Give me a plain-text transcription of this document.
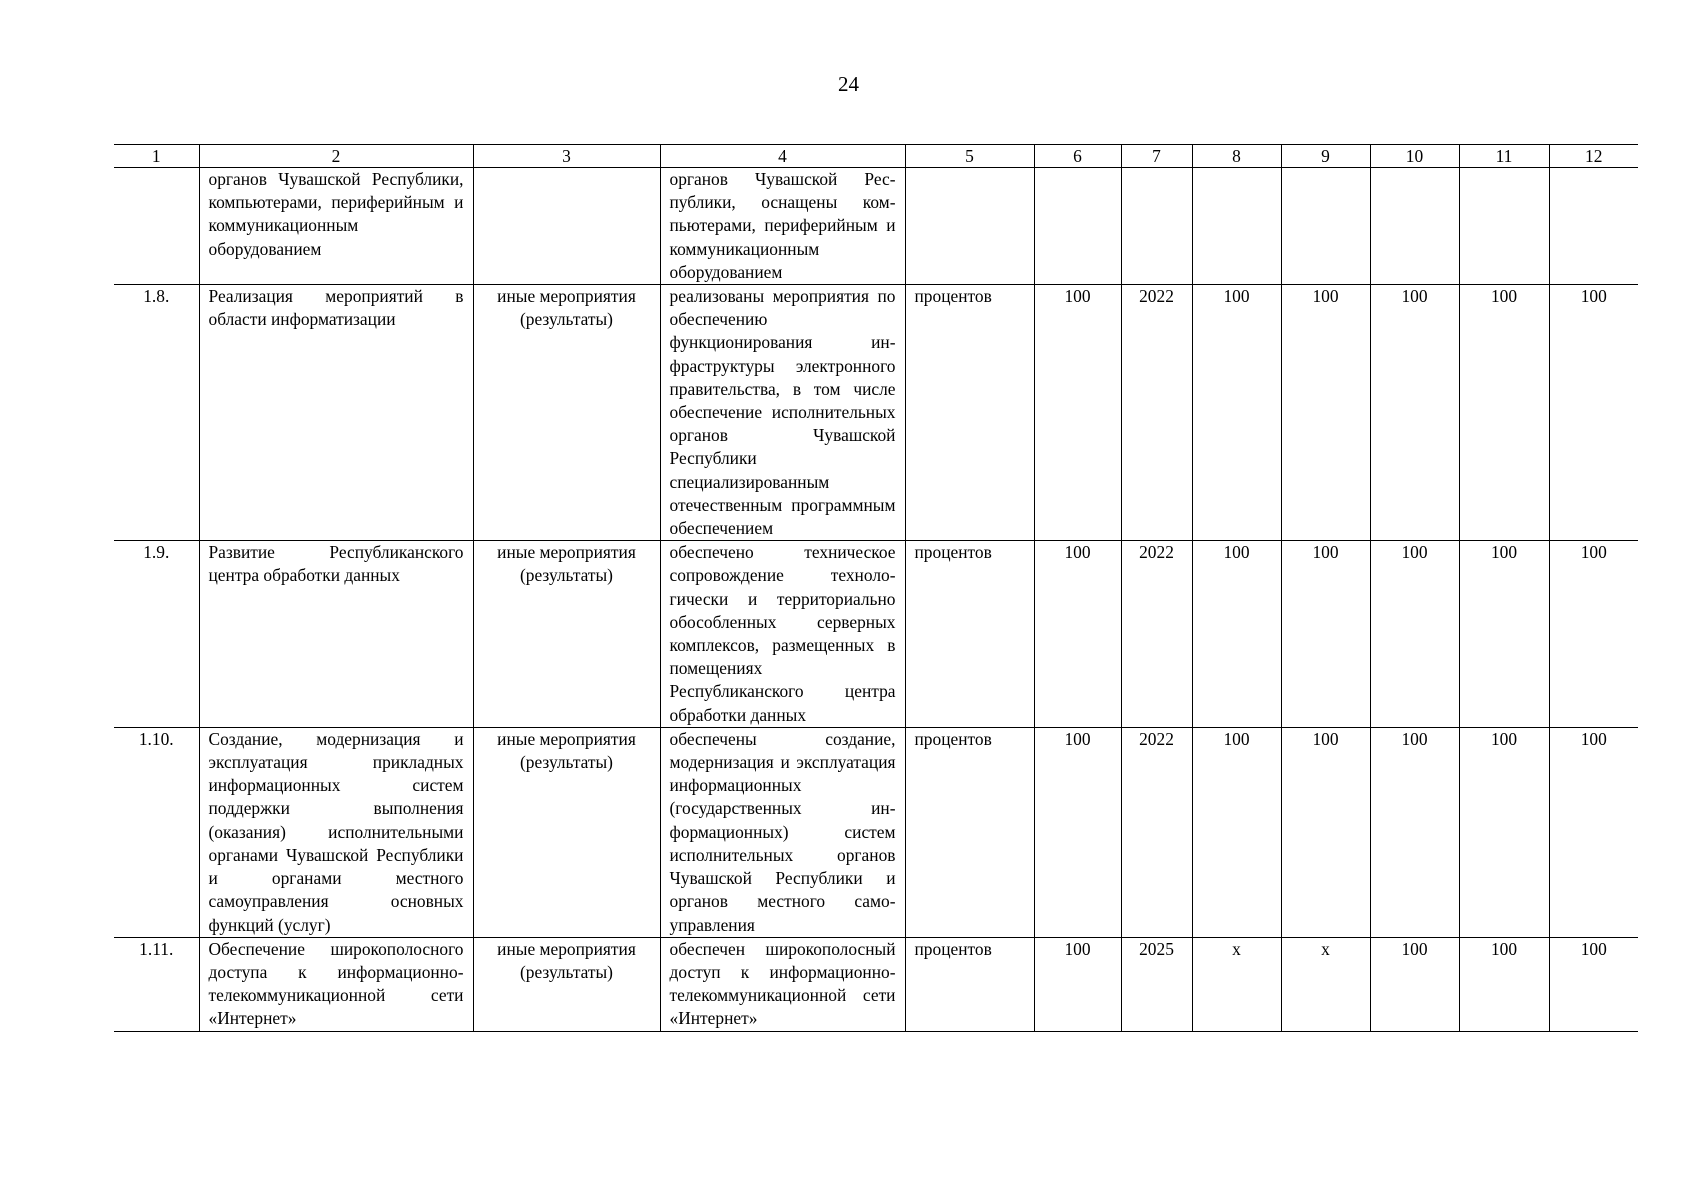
24
1	2	3	4	5	6	7	8	9	10	11	12
	органов Чувашской Республики, компьютерами, периферийным и коммуникационным оборудованием		органов Чувашской Республики, оснащены компьютерами, периферийным и коммуникационным оборудованием								
1.8.	Реализация мероприятий в области информатизации	иные мероприятия (результаты)	реализованы мероприятия по обеспечению функционирования инфраструктуры электронного правительства, в том числе обеспечение исполнительных органов Чувашской Республики специализированным отечественным программным обеспечением	процентов	100	2022	100	100	100	100	100
1.9.	Развитие Республиканского центра обработки данных	иные мероприятия (результаты)	обеспечено техническое сопровождение технологически и территориально обособленных серверных комплексов, размещенных в помещениях Республиканского центра обработки данных	процентов	100	2022	100	100	100	100	100
1.10.	Создание, модернизация и эксплуатация прикладных информационных систем поддержки выполнения (оказания) исполнительными органами Чувашской Республики и органами местного самоуправления основных функций (услуг)	иные мероприятия (результаты)	обеспечены создание, модернизация и эксплуатация информационных (государственных информационных) систем исполнительных органов Чувашской Республики и органов местного самоуправления	процентов	100	2022	100	100	100	100	100
1.11.	Обеспечение широкополосного доступа к информационно-телекоммуникационной сети «Интернет»	иные мероприятия (результаты)	обеспечен широкополосный доступ к информационно-телекоммуникационной сети «Интернет»	процентов	100	2025	х	х	100	100	100
